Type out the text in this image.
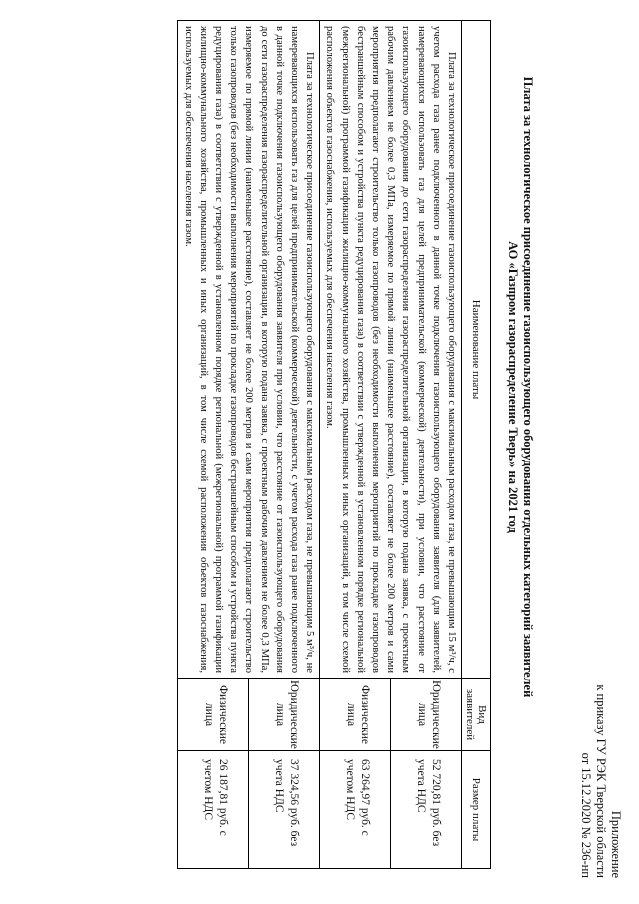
Приложение
к приказу ГУ РЭК Тверской области
от 15.12.2020 № 236-нп
Плата за технологическое присоединение газоиспользующего оборудования отдельных категорий заявителей
АО «Газпром газораспределение Тверь» на 2021 год
Наименование платы	Вид заявителей	Размер платы
Плата за технологическое присоединение газоиспользующего оборудования с максимальным расходом газа, не превышающим 15 м³/ч, с учетом расхода газа ранее подключенного в данной точке подключения газоиспользующего оборудования заявителя (для заявителей, намеревающихся использовать газ для целей предпринимательской (коммерческой) деятельности), при условии, что расстояние от газоиспользующего оборудования до сети газораспределения газораспределительной организации, в которую подана заявка, с проектным рабочим давлением не более 0,3 МПа, измеряемое по прямой линии (наименьшее расстояние), составляет не более 200 метров и сами мероприятия предполагают строительство только газопроводов (без необходимости выполнения мероприятий по прокладке газопроводов бестраншейным способом и устройства пункта редуцирования газа) в соответствии с утвержденной в установленном порядке региональной (межрегиональной) программой газификации жилищно-коммунального хозяйства, промышленных и иных организаций, в том числе схемой расположения объектов газоснабжения, используемых для обеспечения населения газом.	Юридические лица	52 720,81 руб. без учета НДС
	Физические лица	63 264,97 руб. с учетом НДС
Плата за технологическое присоединение газоиспользующего оборудования с максимальным расходом газа, не превышающим 5 м³/ч, не намеревающихся использовать газ для целей предпринимательской (коммерческой) деятельности, с учетом расхода газа ранее подключенного в данной точке подключения газоиспользующего оборудования заявителя при условии, что расстояние от газоиспользующего оборудования до сети газораспределения газораспределительной организации, в которую подана заявка, с проектным рабочим давлением не более 0,3 МПа, измеряемое по прямой линии (наименьшее расстояние), составляет не более 200 метров и сами мероприятия предполагают строительство только газопроводов (без необходимости выполнения мероприятий по прокладке газопроводов бестраншейным способом и устройства пункта редуцирования газа) в соответствии с утвержденной в установленном порядке региональной (межрегиональной) программой газификации жилищно-коммунального хозяйства, промышленных и иных организаций, в том числе схемой расположения объектов газоснабжения, используемых для обеспечения населения газом.	Юридические лица	37 324,56 руб. без учета НДС
	Физические лица	26 187,81 руб. с учетом НДС
